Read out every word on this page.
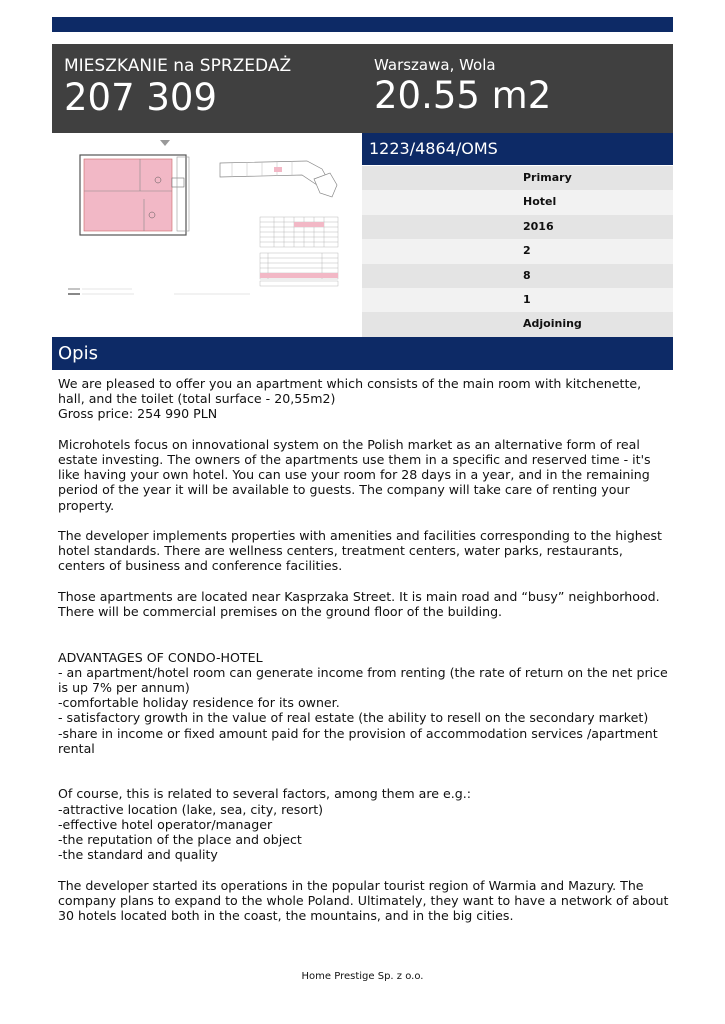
MIESZKANIE na SPRZEDAŻ
207 309
Warszawa, Wola
20.55 m2
1223/4864/OMS
Primary
Hotel
2016
2
8
1
Adjoining
Opis
We are pleased to offer you an apartment which consists of the main room with kitchenette, hall, and the toilet (total surface - 20,55m2)
Gross price: 254 990 PLN

Microhotels focus on innovational system on the Polish market as an alternative form of real estate investing. The owners of the apartments use them in a specific and reserved time - it's like having your own hotel. You can use your room for 28 days in a year, and in the remaining period of the year it will be available to guests. The company will take care of renting your property.

The developer implements properties with amenities and facilities corresponding to the highest hotel standards. There are wellness centers, treatment centers, water parks, restaurants, centers of business and conference facilities.

Those apartments are located near Kasprzaka Street. It is main road and “busy” neighborhood. There will be commercial premises on the ground floor of the building.

ADVANTAGES OF CONDO-HOTEL
- an apartment/hotel room can generate income from renting (the rate of return on the net price is up 7% per annum)
-comfortable holiday residence for its owner.
- satisfactory growth in the value of real estate (the ability to resell on the secondary market)
-share in income or fixed amount paid for the provision of accommodation services /apartment rental

Of course, this is related to several factors, among them are e.g.:
-attractive location (lake, sea, city, resort)
-effective hotel operator/manager
-the reputation of the place and object
-the standard and quality

The developer started its operations in the popular tourist region of Warmia and Mazury. The company plans to expand to the whole Poland. Ultimately, they want to have a network of about 30 hotels located both in the coast, the mountains, and in the big cities.
Home Prestige Sp. z o.o.
